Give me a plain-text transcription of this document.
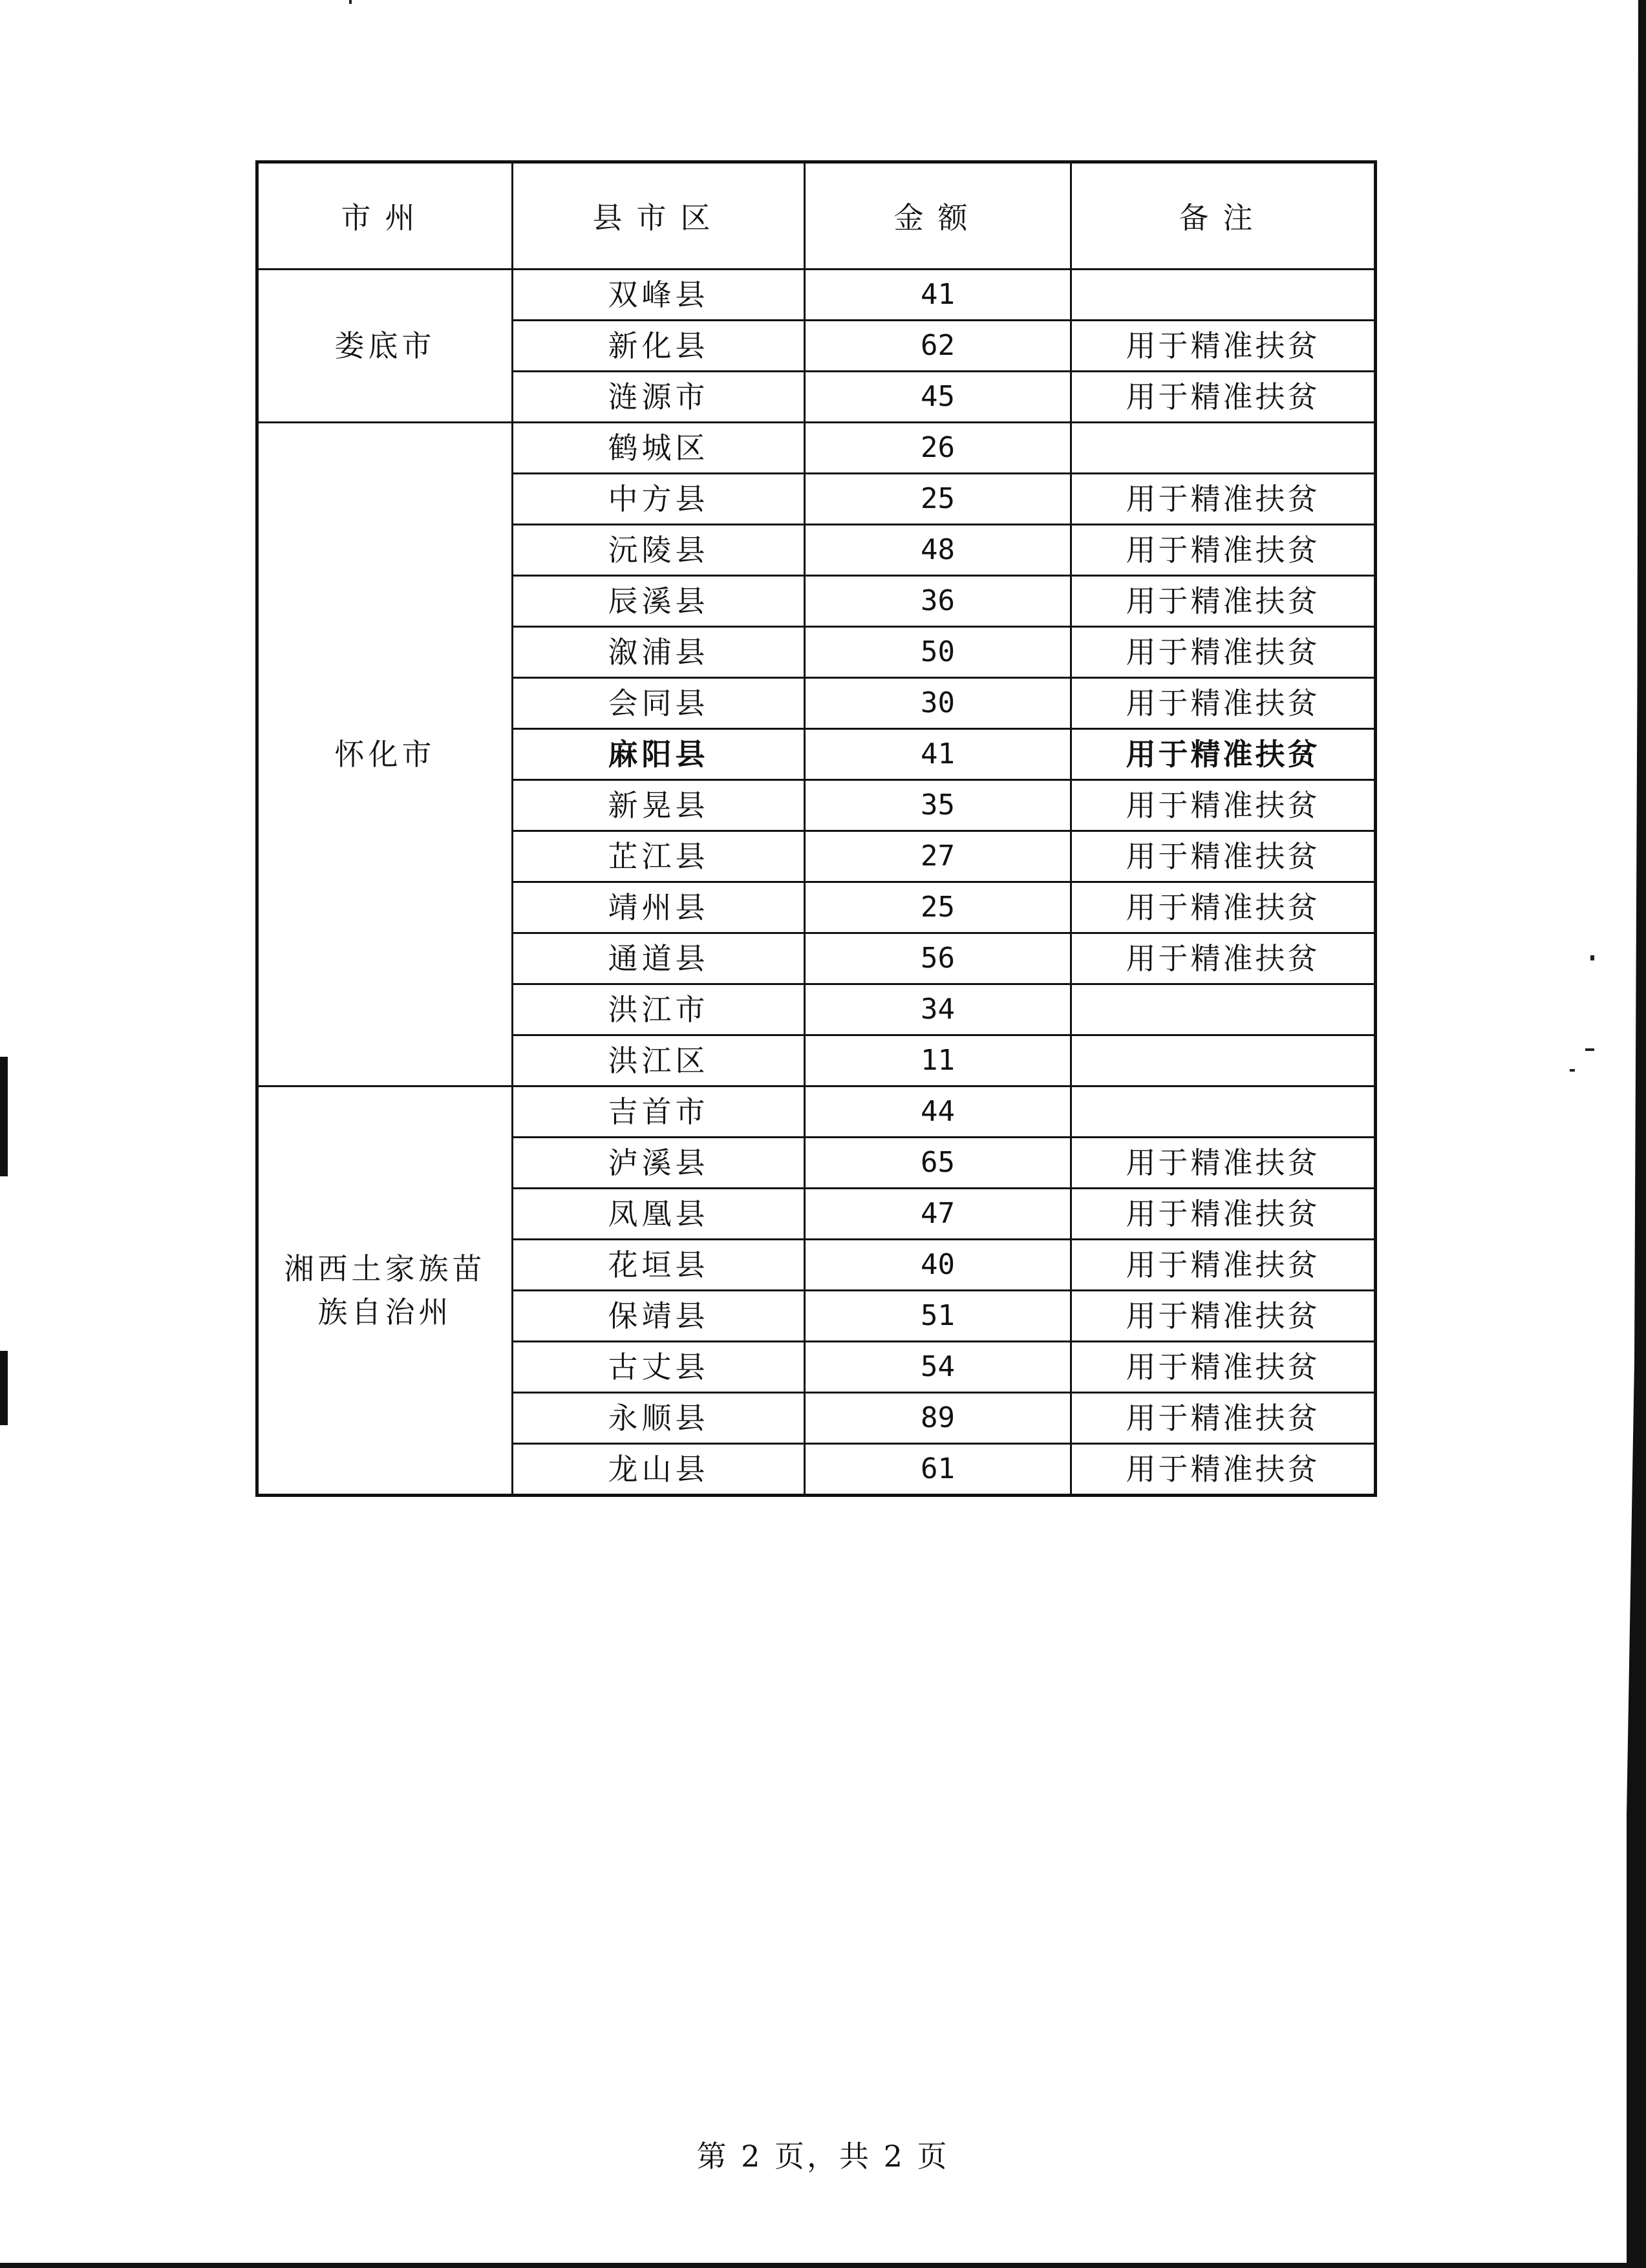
市州	县市区	金额	备注
娄底市	双峰县	41	
	新化县	62	用于精准扶贫
	涟源市	45	用于精准扶贫
怀化市	鹤城区	26	
	中方县	25	用于精准扶贫
	沅陵县	48	用于精准扶贫
	辰溪县	36	用于精准扶贫
	溆浦县	50	用于精准扶贫
	会同县	30	用于精准扶贫
	麻阳县	41	用于精准扶贫
	新晃县	35	用于精准扶贫
	芷江县	27	用于精准扶贫
	靖州县	25	用于精准扶贫
	通道县	56	用于精准扶贫
	洪江市	34	
	洪江区	11	
湘西土家族苗族自治州	吉首市	44	
	泸溪县	65	用于精准扶贫
	凤凰县	47	用于精准扶贫
	花垣县	40	用于精准扶贫
	保靖县	51	用于精准扶贫
	古丈县	54	用于精准扶贫
	永顺县	89	用于精准扶贫
	龙山县	61	用于精准扶贫
第 2 页，共 2 页
